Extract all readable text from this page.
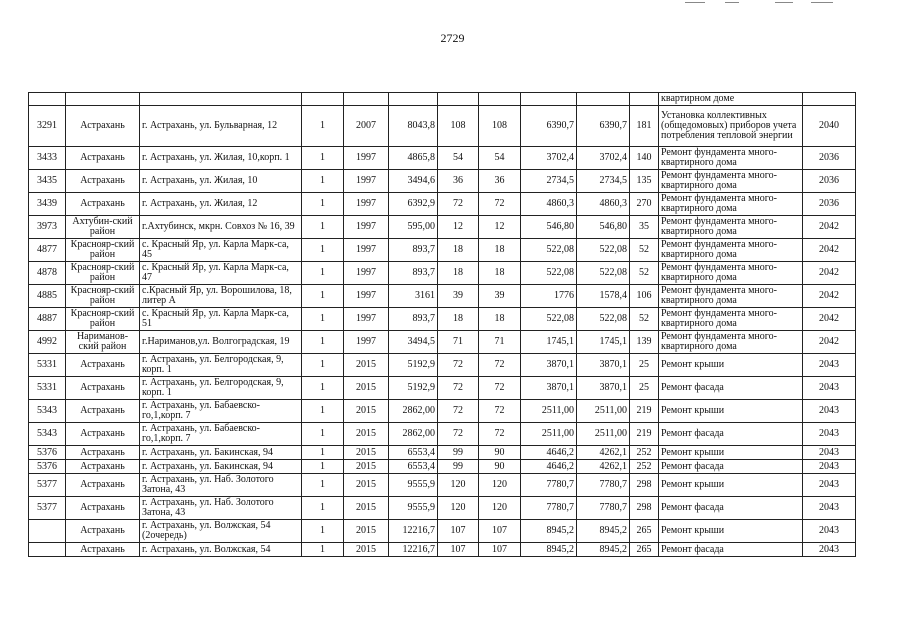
2729
											квартирном доме	
3291	Астрахань	г. Астрахань, ул. Бульварная, 12	1	2007	8043,8	108	108	6390,7	6390,7	181	Установка коллективных (общедомовых) приборов учета потребления тепловой энергии	2040
3433	Астрахань	г. Астрахань, ул. Жилая, 10,корп. 1	1	1997	4865,8	54	54	3702,4	3702,4	140	Ремонт фундамента много-квартирного дома	2036
3435	Астрахань	г. Астрахань, ул. Жилая, 10	1	1997	3494,6	36	36	2734,5	2734,5	135	Ремонт фундамента много-квартирного дома	2036
3439	Астрахань	г. Астрахань, ул. Жилая, 12	1	1997	6392,9	72	72	4860,3	4860,3	270	Ремонт фундамента много-квартирного дома	2036
3973	Ахтубин-ский район	г.Ахтубинск, мкрн. Совхоз № 16, 39	1	1997	595,00	12	12	546,80	546,80	35	Ремонт фундамента много-квартирного дома	2042
4877	Краснояр-ский район	с. Красный Яр, ул. Карла Марк-са, 45	1	1997	893,7	18	18	522,08	522,08	52	Ремонт фундамента много-квартирного дома	2042
4878	Краснояр-ский район	с. Красный Яр, ул. Карла Марк-са, 47	1	1997	893,7	18	18	522,08	522,08	52	Ремонт фундамента много-квартирного дома	2042
4885	Краснояр-ский район	с.Красный Яр, ул. Ворошилова, 18, литер А	1	1997	3161	39	39	1776	1578,4	106	Ремонт фундамента много-квартирного дома	2042
4887	Краснояр-ский район	с. Красный Яр, ул. Карла Марк-са, 51	1	1997	893,7	18	18	522,08	522,08	52	Ремонт фундамента много-квартирного дома	2042
4992	Нариманов-ский район	г.Нариманов,ул. Волгоградская, 19	1	1997	3494,5	71	71	1745,1	1745,1	139	Ремонт фундамента много-квартирного дома	2042
5331	Астрахань	г. Астрахань, ул. Белгородская, 9, корп. 1	1	2015	5192,9	72	72	3870,1	3870,1	25	Ремонт крыши	2043
5331	Астрахань	г. Астрахань, ул. Белгородская, 9, корп. 1	1	2015	5192,9	72	72	3870,1	3870,1	25	Ремонт фасада	2043
5343	Астрахань	г. Астрахань, ул. Бабаевско-го,1,корп. 7	1	2015	2862,00	72	72	2511,00	2511,00	219	Ремонт крыши	2043
5343	Астрахань	г. Астрахань, ул. Бабаевско-го,1,корп. 7	1	2015	2862,00	72	72	2511,00	2511,00	219	Ремонт фасада	2043
5376	Астрахань	г. Астрахань, ул. Бакинская, 94	1	2015	6553,4	99	90	4646,2	4262,1	252	Ремонт крыши	2043
5376	Астрахань	г. Астрахань, ул. Бакинская, 94	1	2015	6553,4	99	90	4646,2	4262,1	252	Ремонт фасада	2043
5377	Астрахань	г. Астрахань, ул. Наб. Золотого Затона, 43	1	2015	9555,9	120	120	7780,7	7780,7	298	Ремонт крыши	2043
5377	Астрахань	г. Астрахань, ул. Наб. Золотого Затона, 43	1	2015	9555,9	120	120	7780,7	7780,7	298	Ремонт фасада	2043
	Астрахань	г. Астрахань, ул. Волжская, 54 (2очередь)	1	2015	12216,7	107	107	8945,2	8945,2	265	Ремонт крыши	2043
	Астрахань	г. Астрахань, ул. Волжская, 54	1	2015	12216,7	107	107	8945,2	8945,2	265	Ремонт фасада	2043
